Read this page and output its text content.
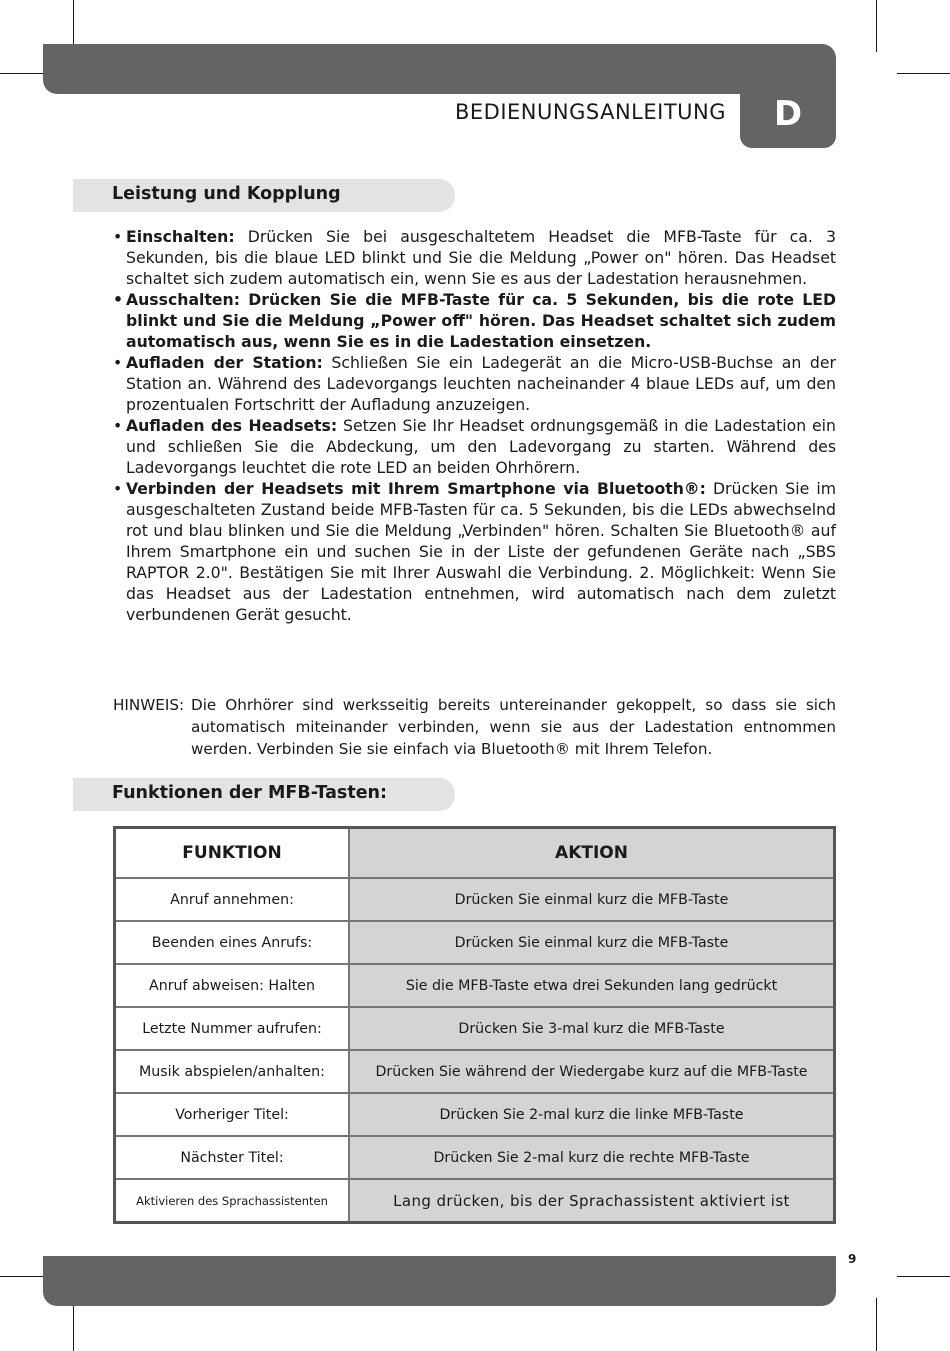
BEDIENUNGSANLEITUNG	D
Leistung und Kopplung
• Einschalten: Drücken Sie bei ausgeschaltetem Headset die MFB-Taste für ca. 3 Sekunden, bis die blaue LED blinkt und Sie die Meldung „Power on" hören. Das Headset schaltet sich zudem automatisch ein, wenn Sie es aus der Ladestation herausnehmen.
• Ausschalten: Drücken Sie die MFB-Taste für ca. 5 Sekunden, bis die rote LED blinkt und Sie die Meldung „Power off" hören. Das Headset schaltet sich zudem automatisch aus, wenn Sie es in die Ladestation einsetzen.
• Aufladen der Station: Schließen Sie ein Ladegerät an die Micro-USB-Buchse an der Station an. Während des Ladevorgangs leuchten nacheinander 4 blaue LEDs auf, um den prozentualen Fortschritt der Aufladung anzuzeigen.
• Aufladen des Headsets: Setzen Sie Ihr Headset ordnungsgemäß in die Ladestation ein und schließen Sie die Abdeckung, um den Ladevorgang zu starten. Während des Ladevorgangs leuchtet die rote LED an beiden Ohrhörern.
• Verbinden der Headsets mit Ihrem Smartphone via Bluetooth®: Drücken Sie im ausgeschalteten Zustand beide MFB-Tasten für ca. 5 Sekunden, bis die LEDs abwechselnd rot und blau blinken und Sie die Meldung „Verbinden" hören. Schalten Sie Bluetooth® auf Ihrem Smartphone ein und suchen Sie in der Liste der gefundenen Geräte nach „SBS RAPTOR 2.0". Bestätigen Sie mit Ihrer Auswahl die Verbindung. 2. Möglichkeit: Wenn Sie das Headset aus der Ladestation entnehmen, wird automatisch nach dem zuletzt verbundenen Gerät gesucht.
HINWEIS: Die Ohrhörer sind werksseitig bereits untereinander gekoppelt, so dass sie sich automatisch miteinander verbinden, wenn sie aus der Ladestation entnommen werden. Verbinden Sie sie einfach via Bluetooth® mit Ihrem Telefon.
Funktionen der MFB-Tasten:
FUNKTION	AKTION
Anruf annehmen:	Drücken Sie einmal kurz die MFB-Taste
Beenden eines Anrufs:	Drücken Sie einmal kurz die MFB-Taste
Anruf abweisen: Halten	Sie die MFB-Taste etwa drei Sekunden lang gedrückt
Letzte Nummer aufrufen:	Drücken Sie 3-mal kurz die MFB-Taste
Musik abspielen/anhalten:	Drücken Sie während der Wiedergabe kurz auf die MFB-Taste
Vorheriger Titel:	Drücken Sie 2-mal kurz die linke MFB-Taste
Nächster Titel:	Drücken Sie 2-mal kurz die rechte MFB-Taste
Aktivieren des Sprachassistenten	Lang drücken, bis der Sprachassistent aktiviert ist
9
